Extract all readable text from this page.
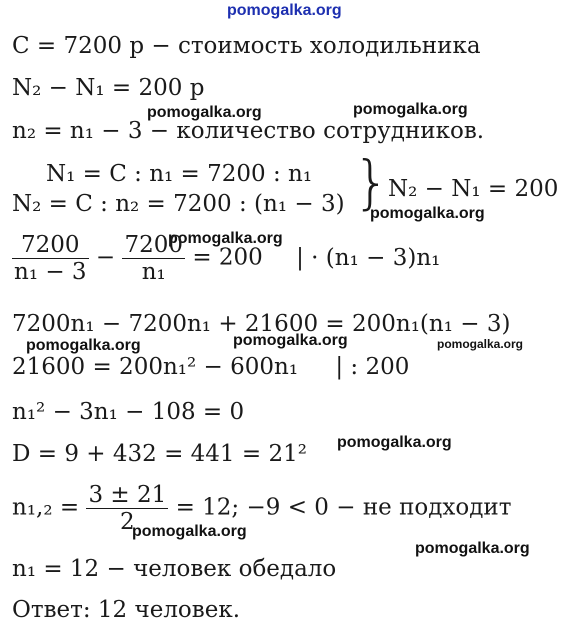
pomogalka.org
C = 7200 р − стоимость холодильника
N₂ − N₁ = 200 р
pomogalka.org	pomogalka.org
n₂ = n₁ − 3 − количество сотрудников.
N₁ = C : n₁ = 7200 : n₁
N₂ = C : n₂ = 7200 : (n₁ − 3) }
N₂ − N₁ = 200
pomogalka.org
pomogalka.org
$\frac{7200}{\text{n₁ − 3}} - \frac{7200}{\text{n₁}} = 200$ | · (n₁ − 3)n₁
7200n₁ − 7200n₁ + 21600 = 200n₁(n₁ − 3)
pomogalka.org	pomogalka.org	pomogalka.org
21600 = 200n₁² − 600n₁ | : 200
n₁² − 3n₁ − 108 = 0
pomogalka.org
D = 9 + 432 = 441 = 21²
$n_1,_2 = \frac{3 \pm 21}{2} = 12$; −9 < 0 − не подходит
pomogalka.org
pomogalka.org
n₁ = 12 − человек обедало
Ответ: 12 человек.
